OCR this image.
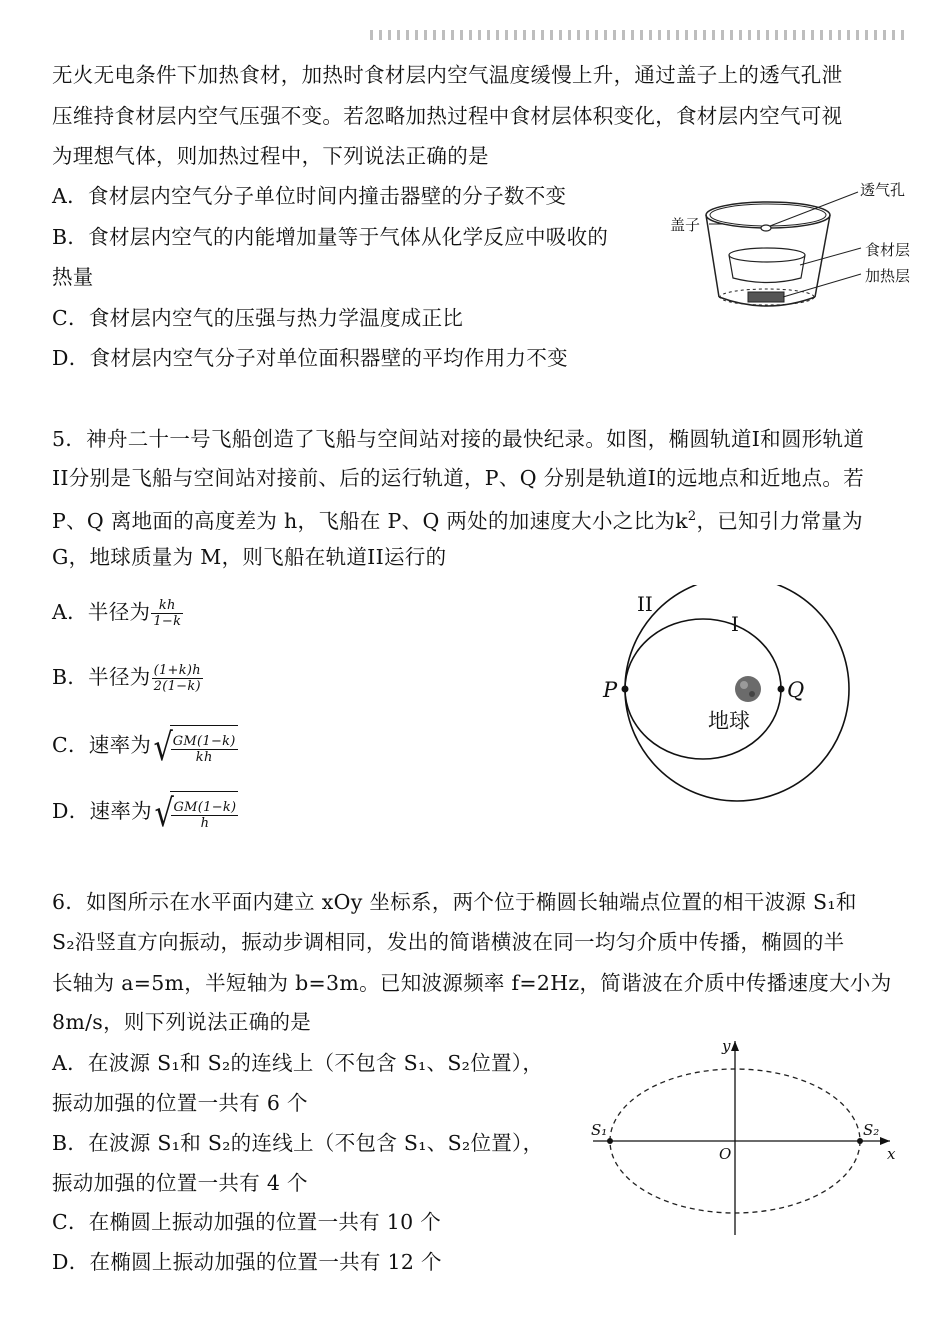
无火无电条件下加热食材，加热时食材层内空气温度缓慢上升，通过盖子上的透气孔泄
压维持食材层内空气压强不变。若忽略加热过程中食材层体积变化，食材层内空气可视
为理想气体，则加热过程中，下列说法正确的是
A．食材层内空气分子单位时间内撞击器壁的分子数不变
B．食材层内空气的内能增加量等于气体从化学反应中吸收的
热量
C．食材层内空气的压强与热力学温度成正比
D．食材层内空气分子对单位面积器壁的平均作用力不变
透气孔
盖子
食材层
加热层
5．神舟二十一号飞船创造了飞船与空间站对接的最快纪录。如图，椭圆轨道I和圆形轨道
II分别是飞船与空间站对接前、后的运行轨道，P、Q 分别是轨道I的远地点和近地点。若
P、Q 离地面的高度差为 h，飞船在 P、Q 两处的加速度大小之比为$k^2$，已知引力常量为
G，地球质量为 M，则飞船在轨道II运行的
A．半径为 $\frac{kh}{1-k}$
B．半径为 $\frac{(1+k)h}{2(1-k)}$
C．速率为 √
$\frac{GM(1-k)}{kh}$
D．速率为 √
$\frac{GM(1-k)}{h}$
II
I
P	Q
地球
6．如图所示在水平面内建立 xOy 坐标系，两个位于椭圆长轴端点位置的相干波源 S₁和
S₂沿竖直方向振动，振动步调相同，发出的简谐横波在同一均匀介质中传播，椭圆的半
长轴为 a=5m，半短轴为 b=3m。已知波源频率 f=2Hz，简谐波在介质中传播速度大小为
8m/s，则下列说法正确的是
A．在波源 S₁和 S₂的连线上（不包含 S₁、S₂位置），
振动加强的位置一共有 6 个
B．在波源 S₁和 S₂的连线上（不包含 S₁、S₂位置），
振动加强的位置一共有 4 个
C．在椭圆上振动加强的位置一共有 10 个
D．在椭圆上振动加强的位置一共有 12 个
y
x
O
S₁	S₂
